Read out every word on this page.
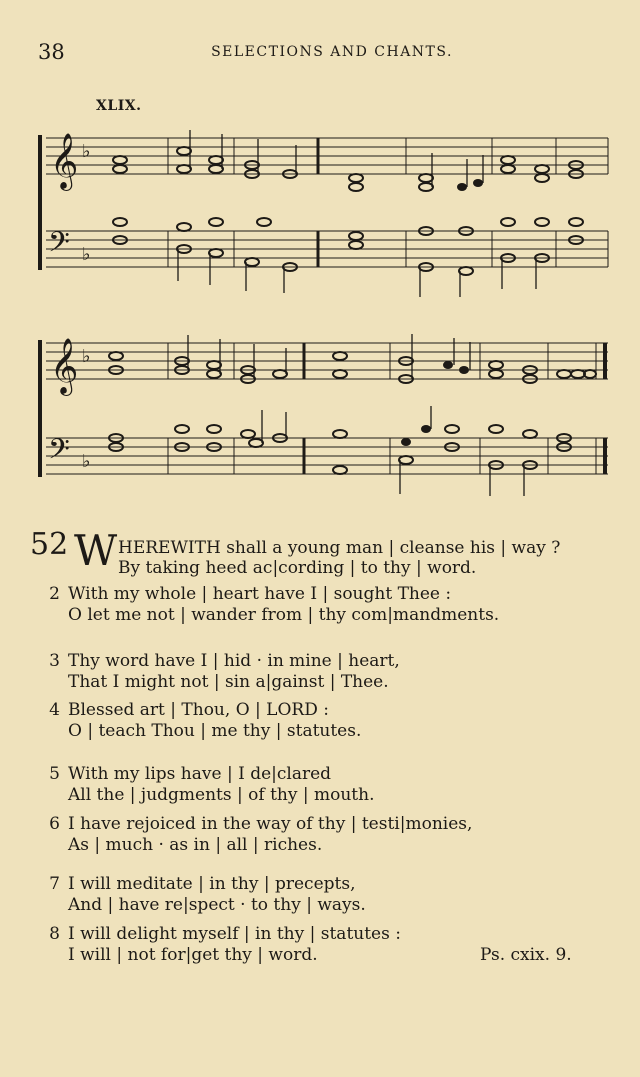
38	SELECTIONS AND CHANTS.
XLIX.
𝄞
𝄢
♭
♭
𝄞
𝄢
♭
♭
52 W HEREWITH shall a young man | cleanse his | way ?
By taking heed ac|cording | to thy | word.
2 With my whole | heart have I | sought Thee :
O let me not | wander from | thy com|mandments.
3 Thy word have I | hid · in mine | heart,
That I might not | sin a|gainst | Thee.
4 Blessed art | Thou, O | LORD :
O | teach Thou | me thy | statutes.
5 With my lips have | I de|clared
All the | judgments | of thy | mouth.
6 I have rejoiced in the way of thy | testi|monies,
As | much · as in | all | riches.
7 I will meditate | in thy | precepts,
And | have re|spect · to thy | ways.
8 I will delight myself | in thy | statutes :
I will | not for|get thy | word.	Ps. cxix. 9.
